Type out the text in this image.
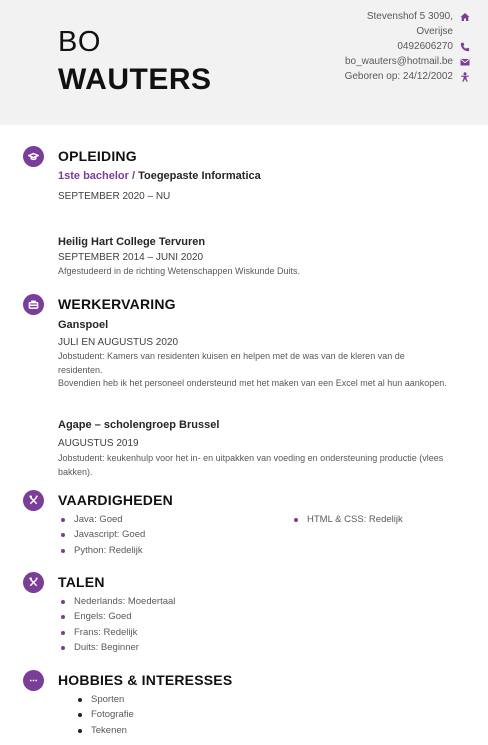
BO
WAUTERS
Stevenshof 5 3090,
Overijse
0492606270
bo_wauters@hotmail.be
Geboren op: 24/12/2002
OPLEIDING
1ste bachelor / Toegepaste Informatica
SEPTEMBER 2020 – NU
Heilig Hart College Tervuren
SEPTEMBER 2014 – JUNI 2020
Afgestudeerd in de richting Wetenschappen Wiskunde Duits.
WERKERVARING
Ganspoel
JULI EN AUGUSTUS 2020
Jobstudent: Kamers van residenten kuisen en helpen met de was van de kleren van de residenten.
Bovendien heb ik het personeel ondersteund met het maken van een Excel met al hun aankopen.
Agape – scholengroep Brussel
AUGUSTUS 2019
Jobstudent: keukenhulp voor het in- en uitpakken van voeding en ondersteuning productie (vlees bakken).
VAARDIGHEDEN
Java: Goed
Javascript: Goed
Python: Redelijk
HTML & CSS: Redelijk
TALEN
Nederlands: Moedertaal
Engels: Goed
Frans: Redelijk
Duits: Beginner
HOBBIES & INTERESSES
Sporten
Fotografie
Tekenen
